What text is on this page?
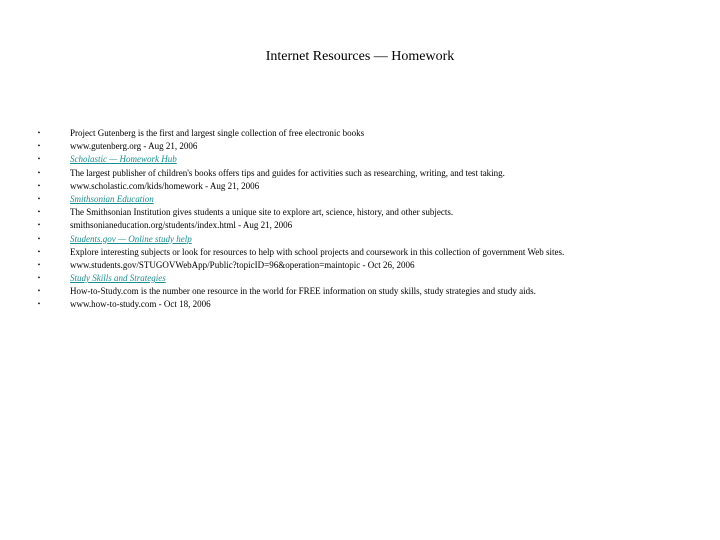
Internet Resources — Homework
•	Project Gutenberg is the first and largest single collection of free electronic books
•	www.gutenberg.org - Aug 21, 2006
•	Scholastic — Homework Hub
•	The largest publisher of children's books offers tips and guides for activities such as researching, writing, and test taking.
•	www.scholastic.com/kids/homework - Aug 21, 2006
•	Smithsonian Education
•	The Smithsonian Institution gives students a unique site to explore art, science, history, and other subjects.
•	smithsonianeducation.org/students/index.html - Aug 21, 2006
•	Students.gov — Online study help
•	Explore interesting subjects or look for resources to help with school projects and coursework in this collection of government Web sites.
•	www.students.gov/STUGOVWebApp/Public?topicID=96&operation=maintopic - Oct 26, 2006
•	Study Skills and Strategies
•	How-to-Study.com is the number one resource in the world for FREE information on study skills, study strategies and study aids.
•	www.how-to-study.com - Oct 18, 2006
